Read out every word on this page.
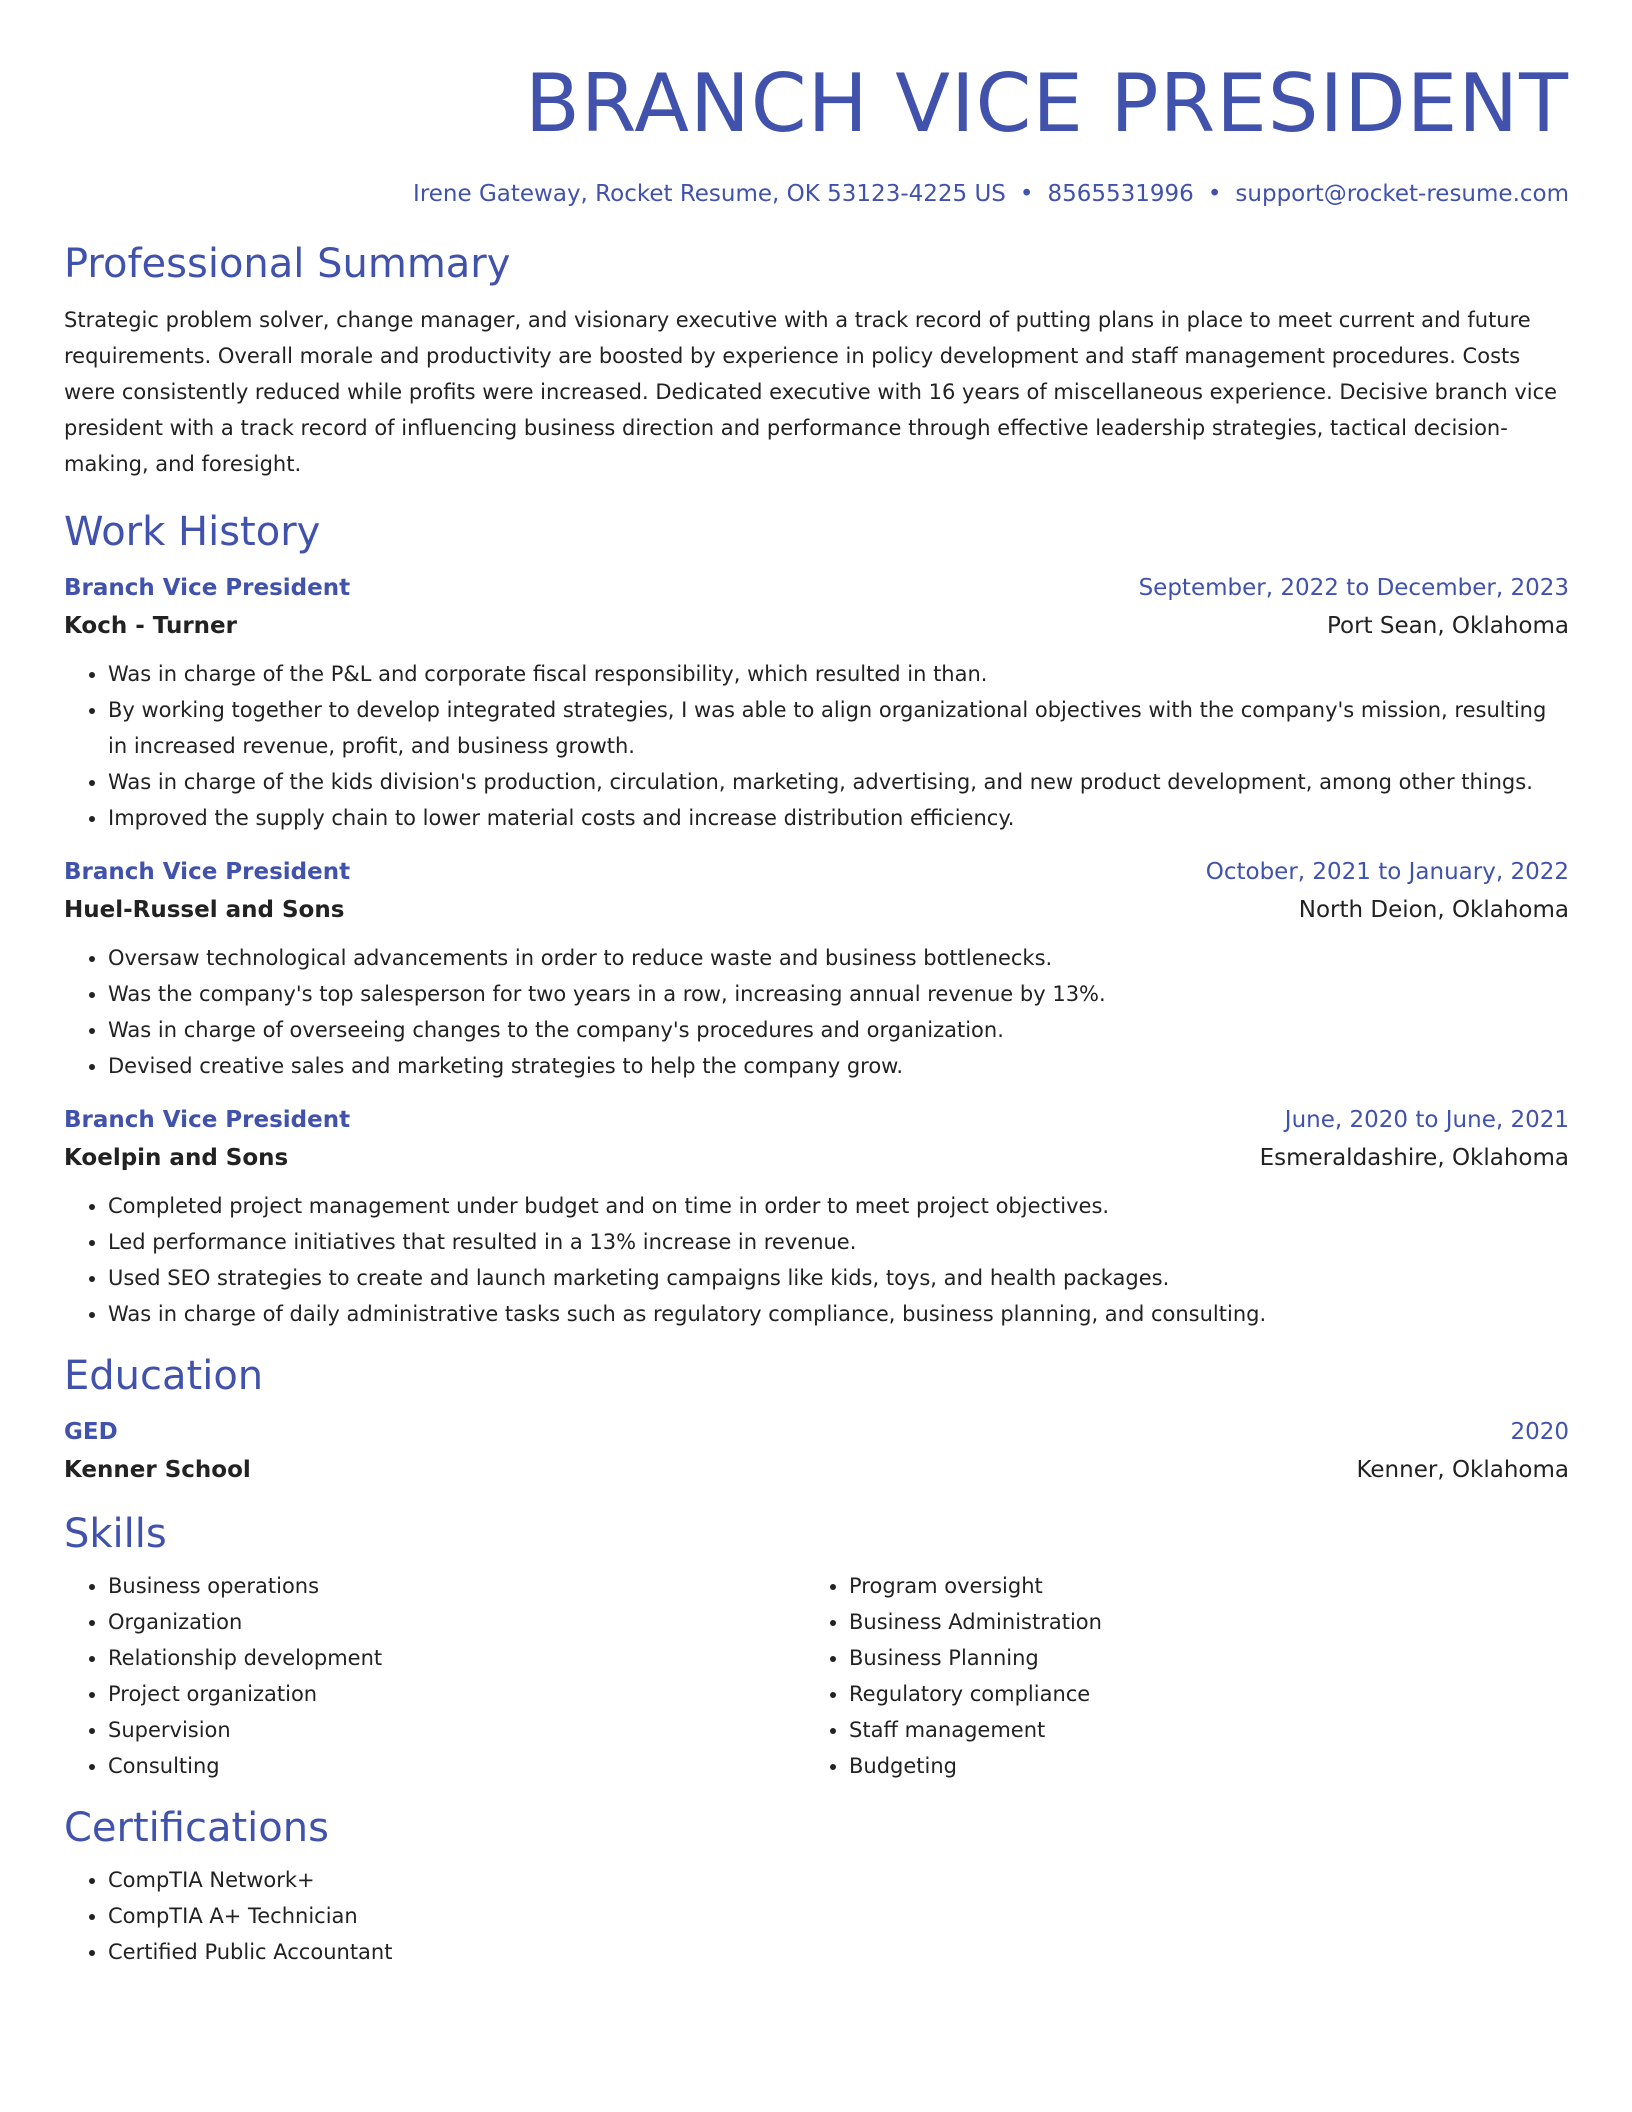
BRANCH VICE PRESIDENT
Irene Gateway, Rocket Resume, OK 53123-4225 US • 8565531996 • support@rocket-resume.com
Professional Summary

Strategic problem solver, change manager, and visionary executive with a track record of putting plans in place to meet current and future requirements. Overall morale and productivity are boosted by experience in policy development and staff management procedures. Costs were consistently reduced while profits were increased. Dedicated executive with 16 years of miscellaneous experience. Decisive branch vice president with a track record of influencing business direction and performance through effective leadership strategies, tactical decision-making, and foresight.

Work History
Branch Vice President	September, 2022 to December, 2023
Koch - Turner	Port Sean, Oklahoma
• Was in charge of the P&L and corporate fiscal responsibility, which resulted in than.
• By working together to develop integrated strategies, I was able to align organizational objectives with the company's mission, resulting in increased revenue, profit, and business growth.
• Was in charge of the kids division's production, circulation, marketing, advertising, and new product development, among other things.
• Improved the supply chain to lower material costs and increase distribution efficiency.
Branch Vice President	October, 2021 to January, 2022
Huel-Russel and Sons	North Deion, Oklahoma
• Oversaw technological advancements in order to reduce waste and business bottlenecks.
• Was the company's top salesperson for two years in a row, increasing annual revenue by 13%.
• Was in charge of overseeing changes to the company's procedures and organization.
• Devised creative sales and marketing strategies to help the company grow.
Branch Vice President	June, 2020 to June, 2021
Koelpin and Sons	Esmeraldashire, Oklahoma
• Completed project management under budget and on time in order to meet project objectives.
• Led performance initiatives that resulted in a 13% increase in revenue.
• Used SEO strategies to create and launch marketing campaigns like kids, toys, and health packages.
• Was in charge of daily administrative tasks such as regulatory compliance, business planning, and consulting.
Education
GED	2020
Kenner School	Kenner, Oklahoma
Skills
• Business operations
• Organization
• Relationship development
• Project organization
• Supervision
• Consulting
• Program oversight
• Business Administration
• Business Planning
• Regulatory compliance
• Staff management
• Budgeting
Certifications
• CompTIA Network+
• CompTIA A+ Technician
• Certified Public Accountant
